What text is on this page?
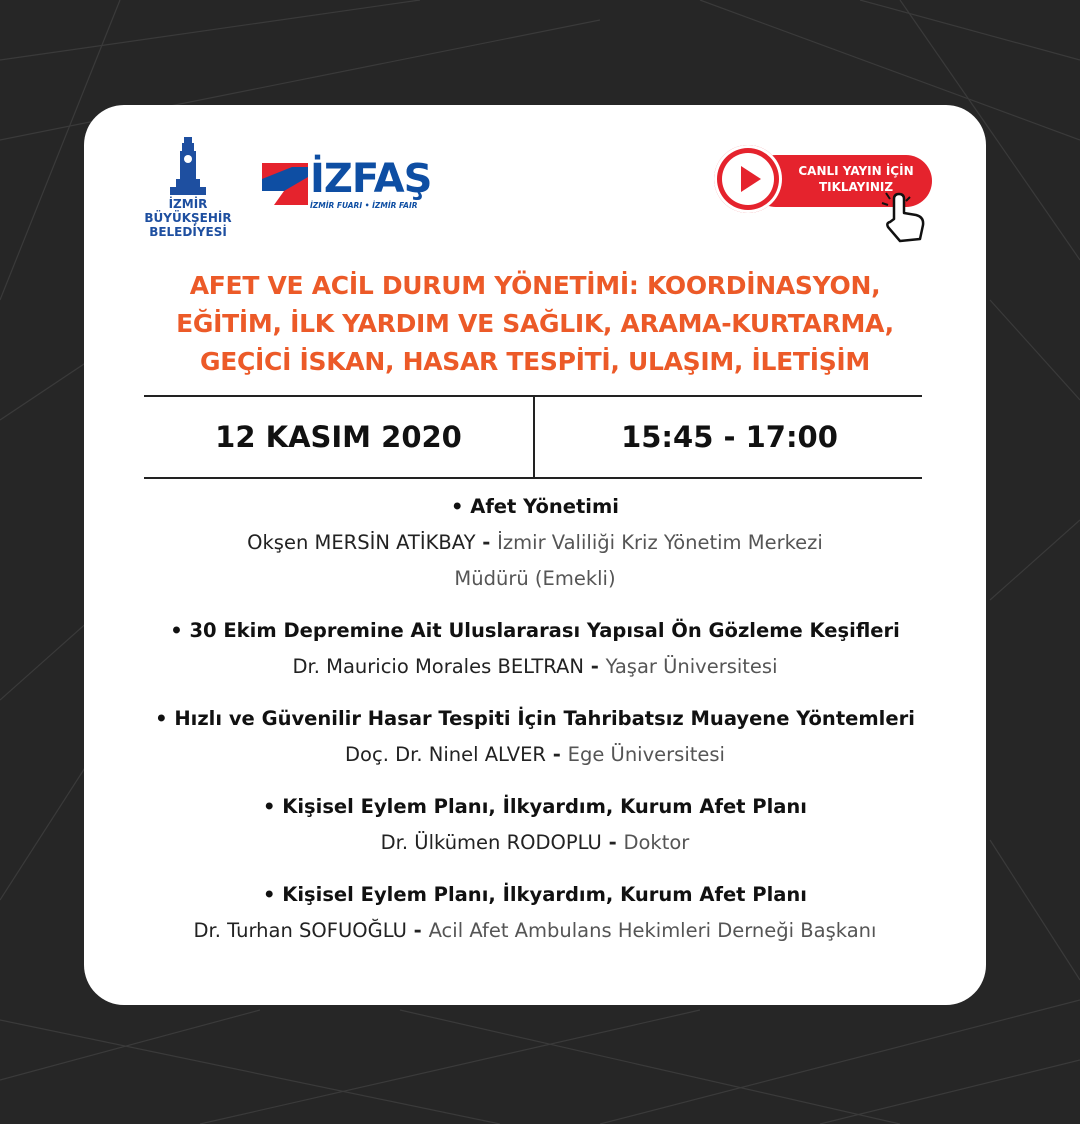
İZMİR
BÜYÜKŞEHİR
BELEDİYESİ
İZFAŞ
İZMİR FUARI • İZMİR FAIR
CANLI YAYIN İÇİN
TIKLAYINIZ
AFET VE ACİL DURUM YÖNETİMİ: KOORDİNASYON,
EĞİTİM, İLK YARDIM VE SAĞLIK, ARAMA-KURTARMA,
GEÇİCİ İSKAN, HASAR TESPİTİ, ULAŞIM, İLETİŞİM
12 KASIM 2020	15:45 - 17:00
• Afet Yönetimi
Okşen MERSİN ATİKBAY - İzmir Valiliği Kriz Yönetim Merkezi
Müdürü (Emekli)
• 30 Ekim Depremine Ait Uluslararası Yapısal Ön Gözleme Keşifleri
Dr. Mauricio Morales BELTRAN - Yaşar Üniversitesi
• Hızlı ve Güvenilir Hasar Tespiti İçin Tahribatsız Muayene Yöntemleri
Doç. Dr. Ninel ALVER - Ege Üniversitesi
• Kişisel Eylem Planı, İlkyardım, Kurum Afet Planı
Dr. Ülkümen RODOPLU - Doktor
• Kişisel Eylem Planı, İlkyardım, Kurum Afet Planı
Dr. Turhan SOFUOĞLU - Acil Afet Ambulans Hekimleri Derneği Başkanı
